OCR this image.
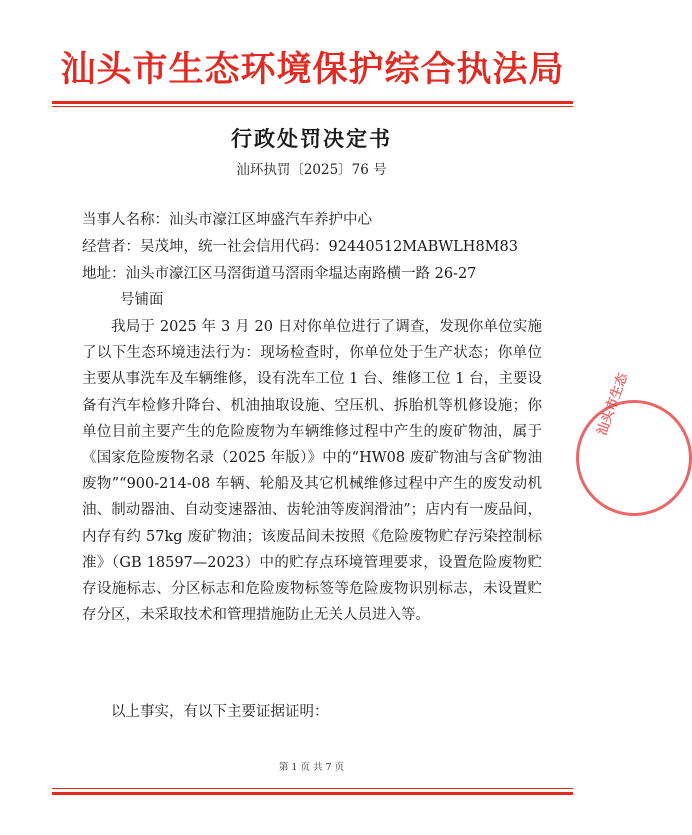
汕头市生态环境保护综合执法局
行政处罚决定书
汕环执罚〔2025〕76 号
当事人名称：汕头市濠江区坤盛汽车养护中心
经营者：吴茂坤，统一社会信用代码：92440512MABWLH8M83
地址：汕头市濠江区马滘街道马滘雨伞塭达南路横一路 26-27
号铺面
我局于 2025 年 3 月 20 日对你单位进行了调查，发现你单位实施了以下生态环境违法行为：现场检查时，你单位处于生产状态；你单位主要从事洗车及车辆维修，设有洗车工位 1 台、维修工位 1 台，主要设备有汽车检修升降台、机油抽取设施、空压机、拆胎机等机修设施；你单位目前主要产生的危险废物为车辆维修过程中产生的废矿物油，属于《国家危险废物名录（2025 年版）》中的“HW08 废矿物油与含矿物油废物”“900-214-08 车辆、轮船及其它机械维修过程中产生的废发动机油、制动器油、自动变速器油、齿轮油等废润滑油”；店内有一废品间，内存有约 57kg 废矿物油；该废品间未按照《危险废物贮存污染控制标准》（GB 18597—2023）中的贮存点环境管理要求，设置危险废物贮存设施标志、分区标志和危险废物标签等危险废物识别标志，未设置贮存分区，未采取技术和管理措施防止无关人员进入等。
以上事实，有以下主要证据证明：
第 1 页 共 7 页
汕头市生态
